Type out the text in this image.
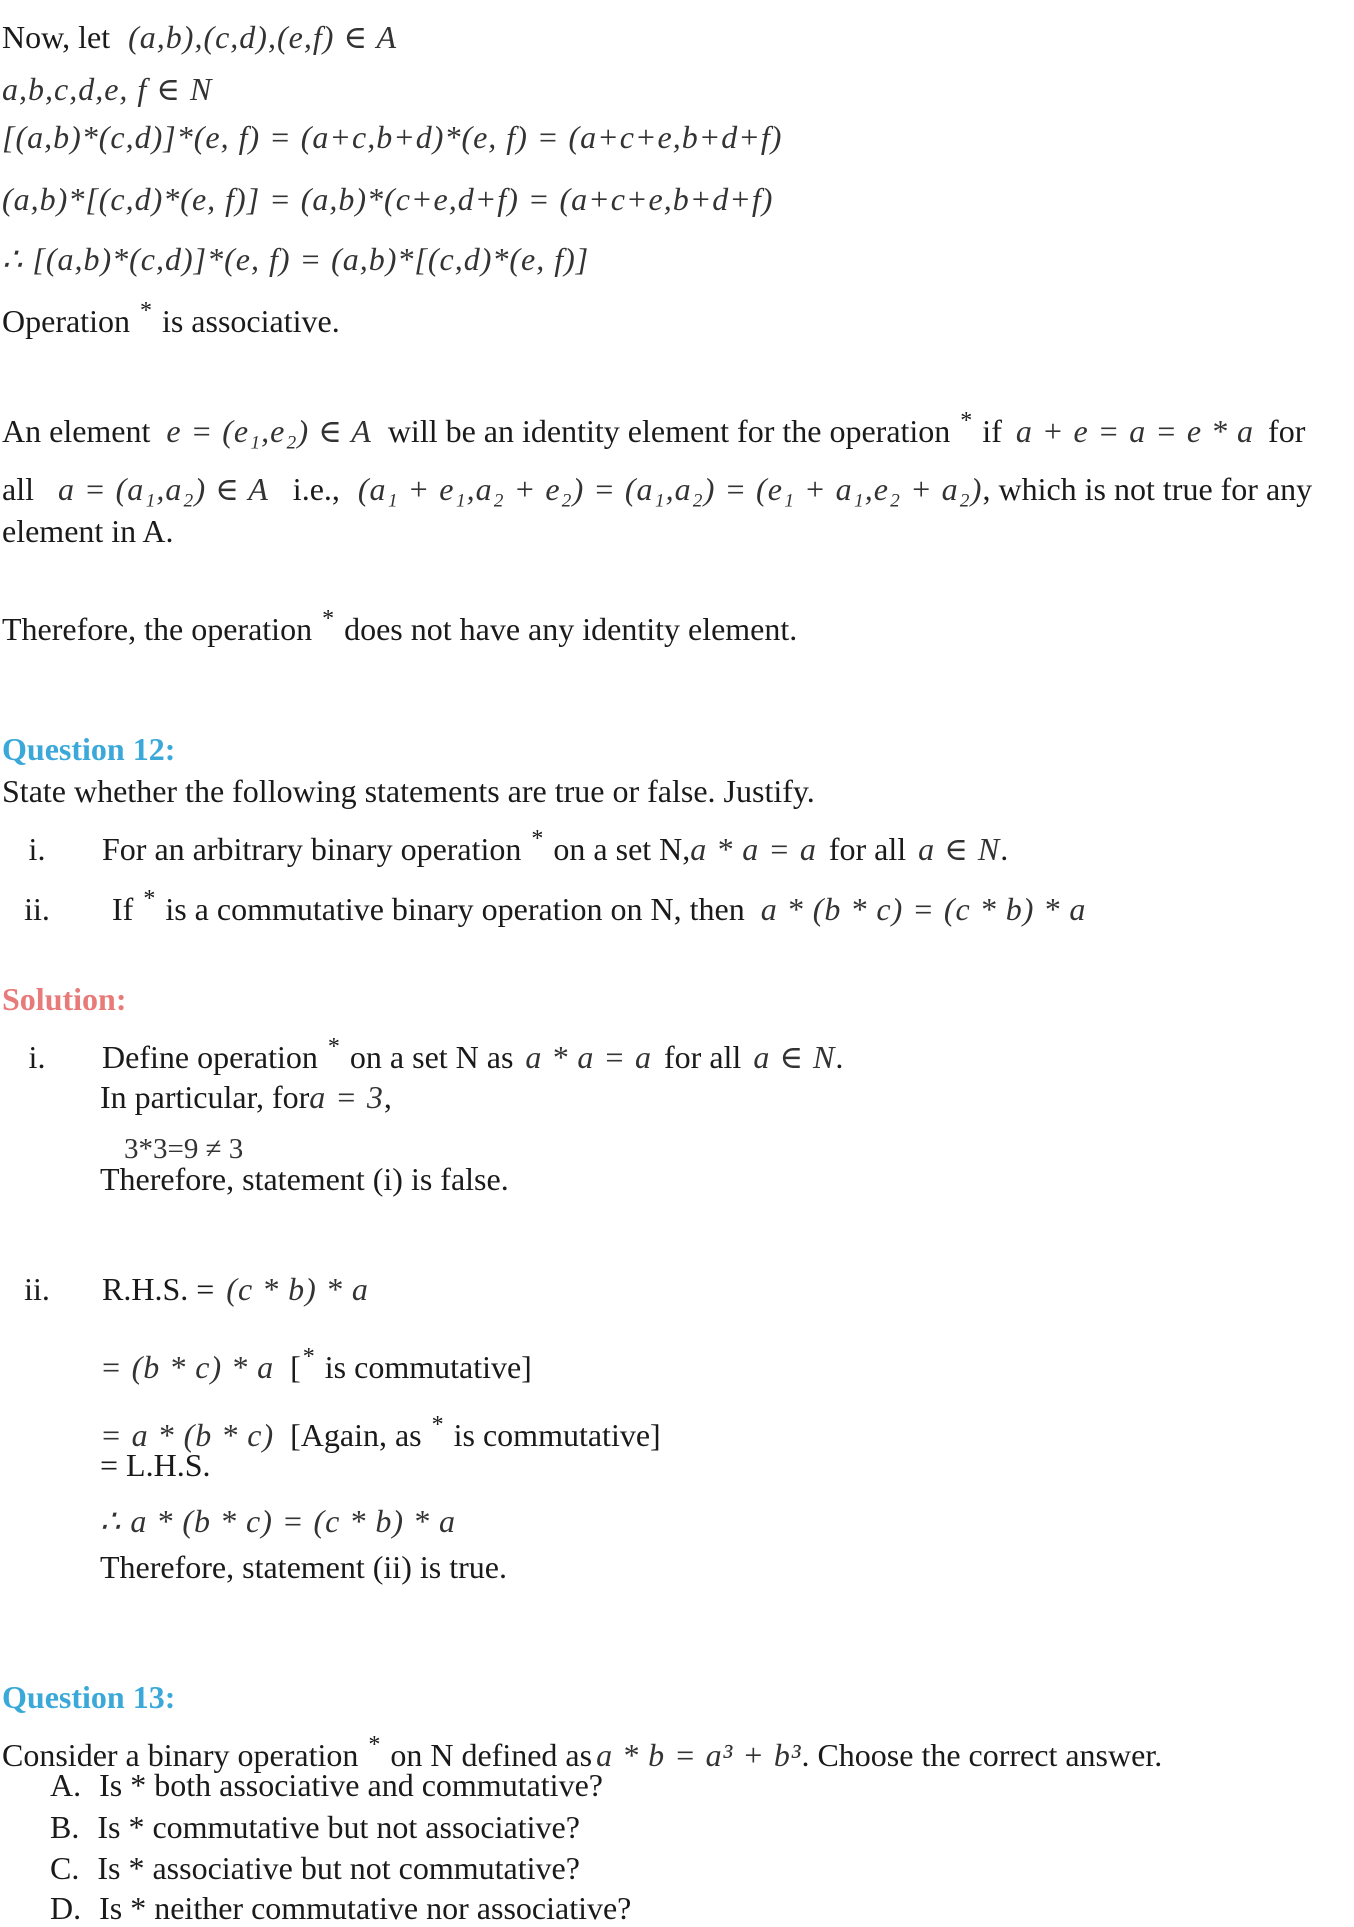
Now, let (a,b),(c,d),(e,f) ∈ A
a,b,c,d,e, f ∈ N
[(a,b)*(c,d)]*(e, f) = (a+c,b+d)*(e, f) = (a+c+e,b+d+f)
(a,b)*[(c,d)*(e, f)] = (a,b)*(c+e,d+f) = (a+c+e,b+d+f)
∴ [(a,b)*(c,d)]*(e, f) = (a,b)*[(c,d)*(e, f)]
Operation * is associative.
An element e = (e₁,e₂) ∈ A will be an identity element for the operation * if a + e = a = e * a for
all a = (a₁,a₂) ∈ A i.e., (a₁ + e₁,a₂ + e₂) = (a₁,a₂) = (e₁ + a₁,e₂ + a₂), which is not true for any
element in A.
Therefore, the operation * does not have any identity element.
Question 12:
State whether the following statements are true or false. Justify.
i. For an arbitrary binary operation * on a set N,a * a = a for all a ∈ N.
ii. If * is a commutative binary operation on N, then a * (b * c) = (c * b) * a
Solution:
i. Define operation * on a set N as a * a = a for all a ∈ N.
In particular, fora = 3,
3*3=9 ≠ 3
Therefore, statement (i) is false.
ii. R.H.S. = (c * b) * a
= (b * c) * a [* is commutative]
= a * (b * c) [Again, as * is commutative]
= L.H.S.
∴ a * (b * c) = (c * b) * a
Therefore, statement (ii) is true.
Question 13:
Consider a binary operation * on N defined as a * b = a³ + b³. Choose the correct answer.
A. Is * both associative and commutative?
B. Is * commutative but not associative?
C. Is * associative but not commutative?
D. Is * neither commutative nor associative?
